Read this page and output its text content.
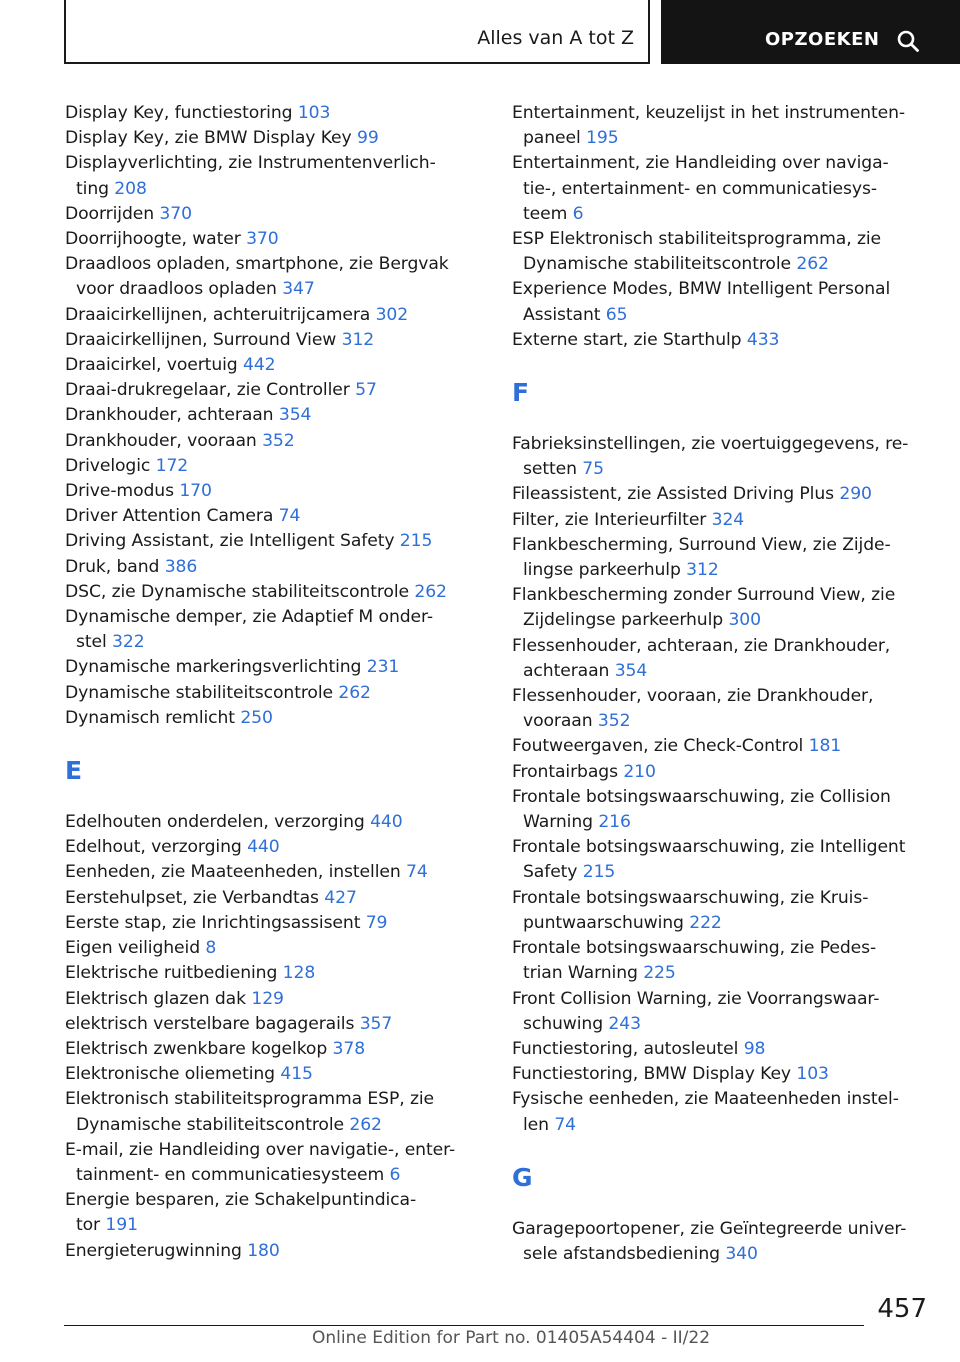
Alles van A tot Z	OPZOEKEN
Display Key, functiestoring 103
Display Key, zie BMW Display Key 99
Displayverlichting, zie Instrumentenverlich-
ting 208
Doorrijden 370
Doorrijhoogte, water 370
Draadloos opladen, smartphone, zie Bergvak
voor draadloos opladen 347
Draaicirkellijnen, achteruitrijcamera 302
Draaicirkellijnen, Surround View 312
Draaicirkel, voertuig 442
Draai-drukregelaar, zie Controller 57
Drankhouder, achteraan 354
Drankhouder, vooraan 352
Drivelogic 172
Drive-modus 170
Driver Attention Camera 74
Driving Assistant, zie Intelligent Safety 215
Druk, band 386
DSC, zie Dynamische stabiliteitscontrole 262
Dynamische demper, zie Adaptief M onder-
stel 322
Dynamische markeringsverlichting 231
Dynamische stabiliteitscontrole 262
Dynamisch remlicht 250
E
Edelhouten onderdelen, verzorging 440
Edelhout, verzorging 440
Eenheden, zie Maateenheden, instellen 74
Eerstehulpset, zie Verbandtas 427
Eerste stap, zie Inrichtingsassisent 79
Eigen veiligheid 8
Elektrische ruitbediening 128
Elektrisch glazen dak 129
elektrisch verstelbare bagagerails 357
Elektrisch zwenkbare kogelkop 378
Elektronische oliemeting 415
Elektronisch stabiliteitsprogramma ESP, zie
Dynamische stabiliteitscontrole 262
E-mail, zie Handleiding over navigatie-, enter-
tainment- en communicatiesysteem 6
Energie besparen, zie Schakelpuntindica-
tor 191
Energieterugwinning 180
Entertainment, keuzelijst in het instrumenten-
paneel 195
Entertainment, zie Handleiding over naviga-
tie-, entertainment- en communicatiesys-
teem 6
ESP Elektronisch stabiliteitsprogramma, zie
Dynamische stabiliteitscontrole 262
Experience Modes, BMW Intelligent Personal
Assistant 65
Externe start, zie Starthulp 433
F
Fabrieksinstellingen, zie voertuiggegevens, re-
setten 75
Fileassistent, zie Assisted Driving Plus 290
Filter, zie Interieurfilter 324
Flankbescherming, Surround View, zie Zijde-
lingse parkeerhulp 312
Flankbescherming zonder Surround View, zie
Zijdelingse parkeerhulp 300
Flessenhouder, achteraan, zie Drankhouder,
achteraan 354
Flessenhouder, vooraan, zie Drankhouder,
vooraan 352
Foutweergaven, zie Check-Control 181
Frontairbags 210
Frontale botsingswaarschuwing, zie Collision
Warning 216
Frontale botsingswaarschuwing, zie Intelligent
Safety 215
Frontale botsingswaarschuwing, zie Kruis-
puntwaarschuwing 222
Frontale botsingswaarschuwing, zie Pedes-
trian Warning 225
Front Collision Warning, zie Voorrangswaar-
schuwing 243
Functiestoring, autosleutel 98
Functiestoring, BMW Display Key 103
Fysische eenheden, zie Maateenheden instel-
len 74
G
Garagepoortopener, zie Geïntegreerde univer-
sele afstandsbediening 340
457
Online Edition for Part no. 01405A54404 - II/22
